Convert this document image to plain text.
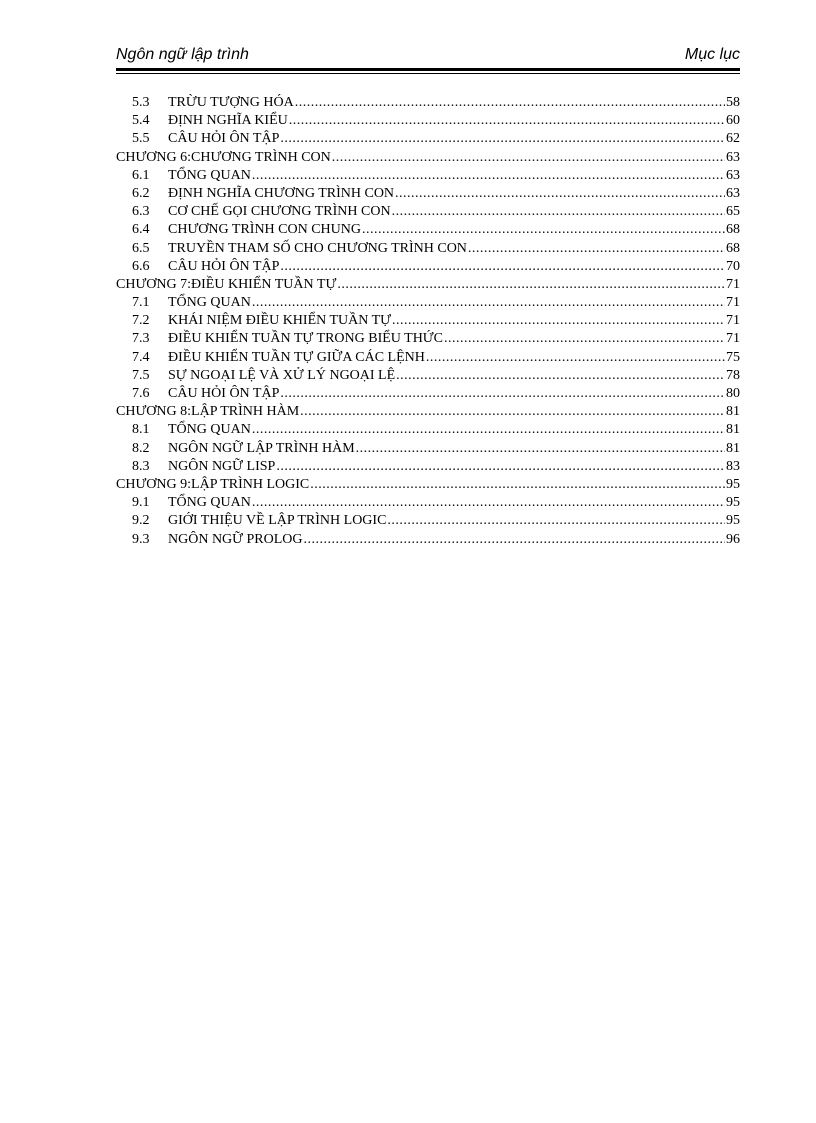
Ngôn ngữ lập trình	Mục lục
5.3	TRỪU TƯỢNG HÓA .....	58
5.4	ĐỊNH NGHĨA KIỂU .....	60
5.5	CÂU HỎI ÔN TẬP .....	62
CHƯƠNG 6: CHƯƠNG TRÌNH CON .....	63
6.1	TỔNG QUAN .....	63
6.2	ĐỊNH NGHĨA CHƯƠNG TRÌNH CON .....	63
6.3	CƠ CHẾ GỌI CHƯƠNG TRÌNH CON .....	65
6.4	CHƯƠNG TRÌNH CON CHUNG .....	68
6.5	TRUYỀN THAM SỐ CHO CHƯƠNG TRÌNH CON .....	68
6.6	CÂU HỎI ÔN TẬP .....	70
CHƯƠNG 7: ĐIỀU KHIỂN TUẦN TỰ .....	71
7.1	TỔNG QUAN .....	71
7.2	KHÁI NIỆM ĐIỀU KHIỂN TUẦN TỰ .....	71
7.3	ĐIỀU KHIỂN TUẦN TỰ TRONG BIỂU THỨC .....	71
7.4	ĐIỀU KHIỂN TUẦN TỰ GIỮA CÁC LỆNH .....	75
7.5	SỰ NGOẠI LỆ VÀ XỬ LÝ NGOẠI LỆ .....	78
7.6	CÂU HỎI ÔN TẬP .....	80
CHƯƠNG 8: LẬP TRÌNH HÀM .....	81
8.1	TỔNG QUAN .....	81
8.2	NGÔN NGỮ LẬP TRÌNH HÀM .....	81
8.3	NGÔN NGỮ LISP .....	83
CHƯƠNG 9: LẬP TRÌNH LOGIC .....	95
9.1	TỔNG QUAN .....	95
9.2	GIỚI THIỆU VỀ LẬP TRÌNH LOGIC .....	95
9.3	NGÔN NGỮ PROLOG .....	96
